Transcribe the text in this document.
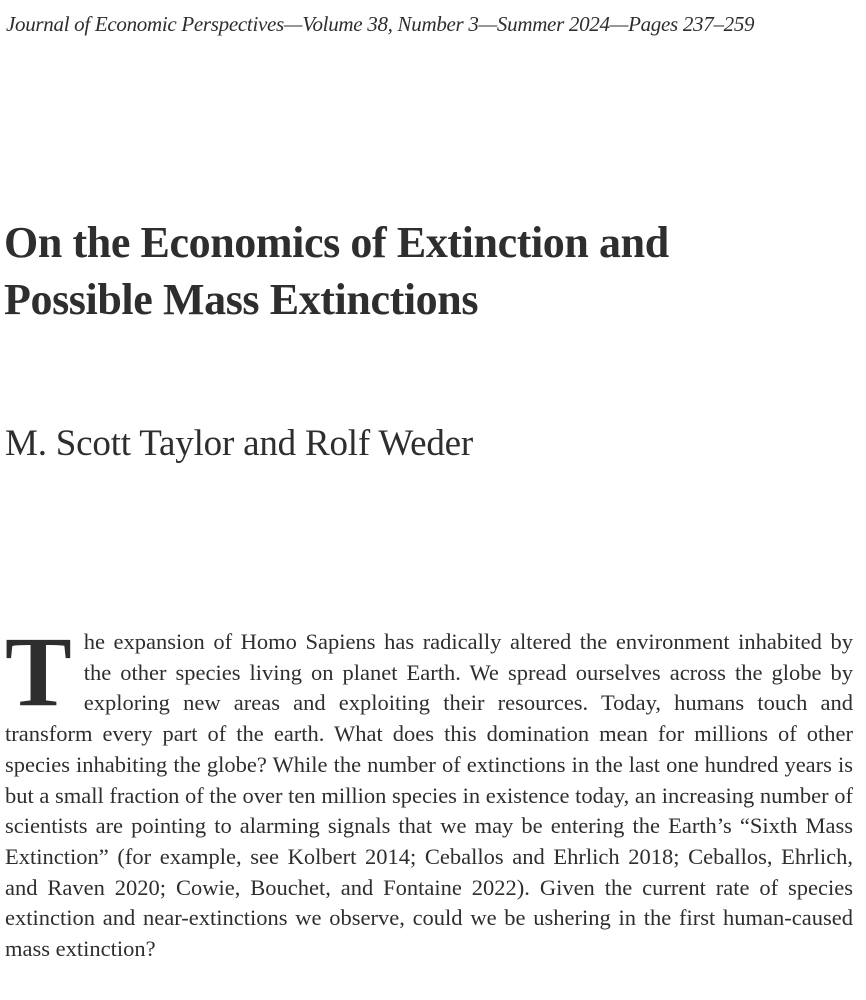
Journal of Economic Perspectives—Volume 38, Number 3—Summer 2024—Pages 237–259
On the Economics of Extinction and
Possible Mass Extinctions
M. Scott Taylor and Rolf Weder

T he expansion of Homo Sapiens has radically altered the environment inhabited by the other species living on planet Earth. We spread ourselves across the globe by exploring new areas and exploiting their resources. Today, humans touch and transform every part of the earth. What does this domination mean for millions of other species inhabiting the globe? While the number of extinctions in the last one hundred years is but a small fraction of the over ten million species in existence today, an increasing number of scientists are pointing to alarming signals that we may be entering the Earth’s “Sixth Mass Extinction” (for example, see Kolbert 2014; Ceballos and Ehrlich 2018; Ceballos, Ehrlich, and Raven 2020; Cowie, Bouchet, and Fontaine 2022). Given the current rate of species extinction and near-extinctions we observe, could we be ushering in the first human-caused mass extinction?
